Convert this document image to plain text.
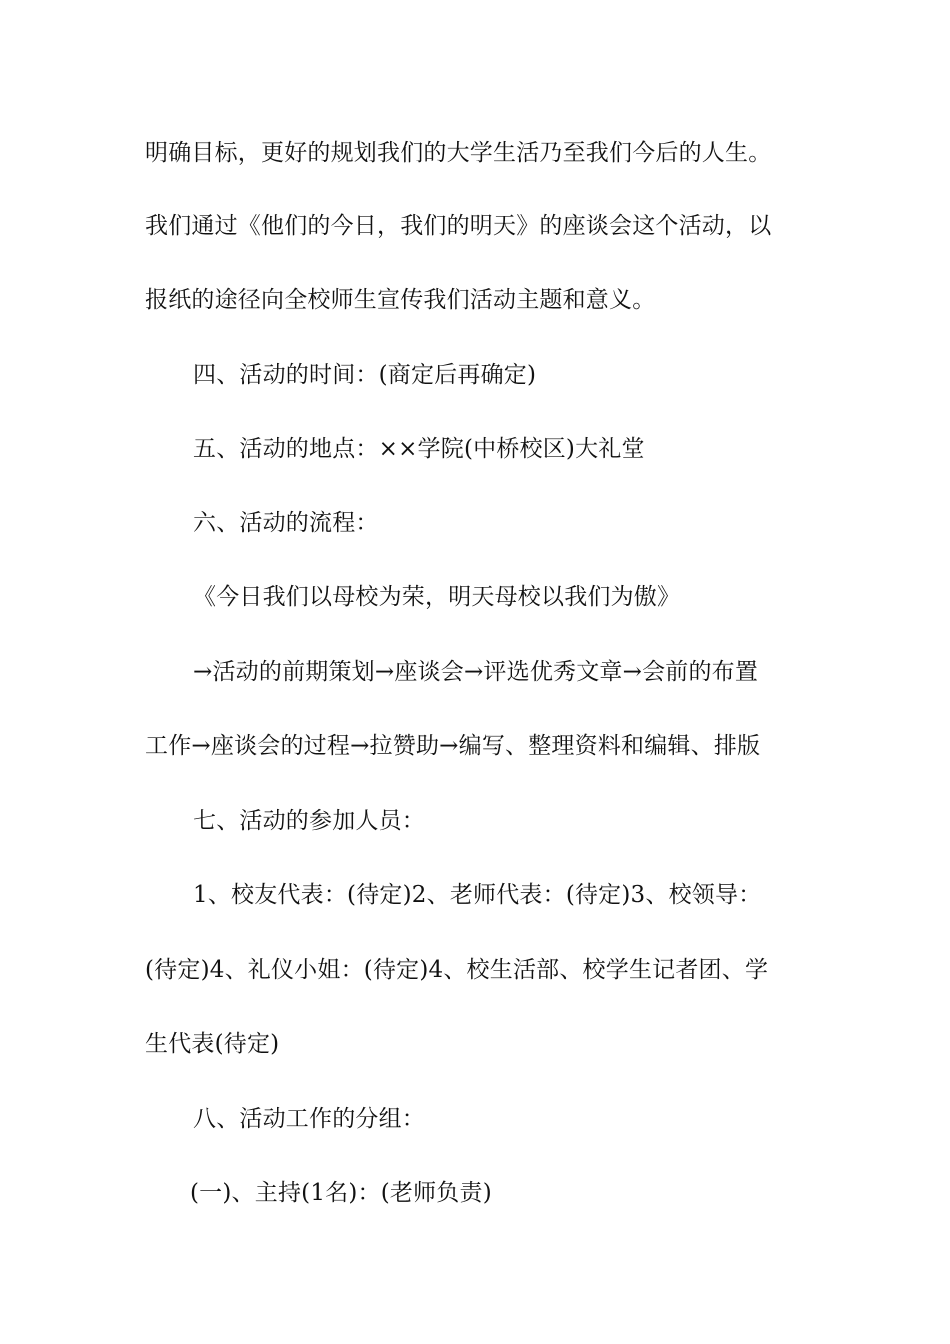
明确目标，更好的规划我们的大学生活乃至我们今后的人生。
我们通过《他们的今日，我们的明天》的座谈会这个活动，以
报纸的途径向全校师生宣传我们活动主题和意义。
四、活动的时间：(商定后再确定)
五、活动的地点：××学院(中桥校区)大礼堂
六、活动的流程：
《今日我们以母校为荣，明天母校以我们为傲》
→活动的前期策划→座谈会→评选优秀文章→会前的布置
工作→座谈会的过程→拉赞助→编写、整理资料和编辑、排版
七、活动的参加人员：
1、校友代表：(待定)2、老师代表：(待定)3、校领导：
(待定)4、礼仪小姐：(待定)4、校生活部、校学生记者团、学
生代表(待定)
八、活动工作的分组：
(一)、主持(1名)：(老师负责)
